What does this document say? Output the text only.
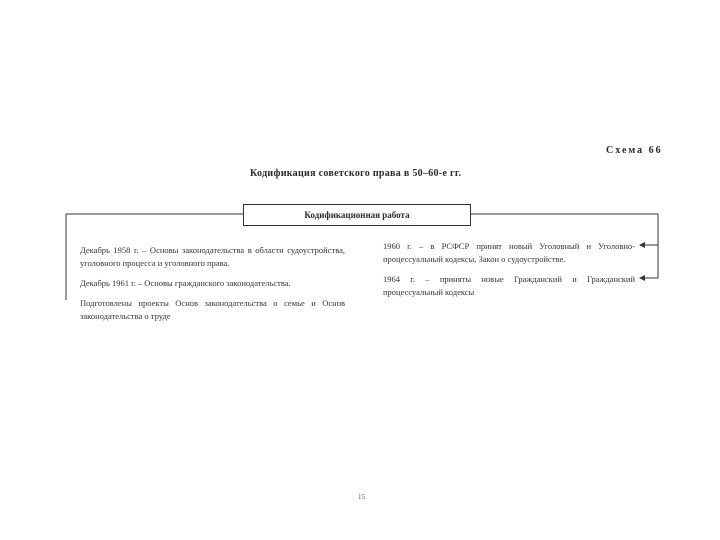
Схема 66
Кодификация советского права в 50–60-е гг.
Кодификационная работа

Декабрь 1958 г. – Основы законодательства в области судоустройства, уголовного процесса и уголовного права.

Декабрь 1961 г. – Основы гражданского законодательства.

Подготовлены проекты Основ законодательства о семье и Основ законодательства о труде

1960 г. – в РСФСР принят новый Уголовный и Уголовно-процессуальный кодексы, Закон о судоустройстве.

1964 г. – приняты новые Гражданский и Гражданский процессуальный кодексы

15
